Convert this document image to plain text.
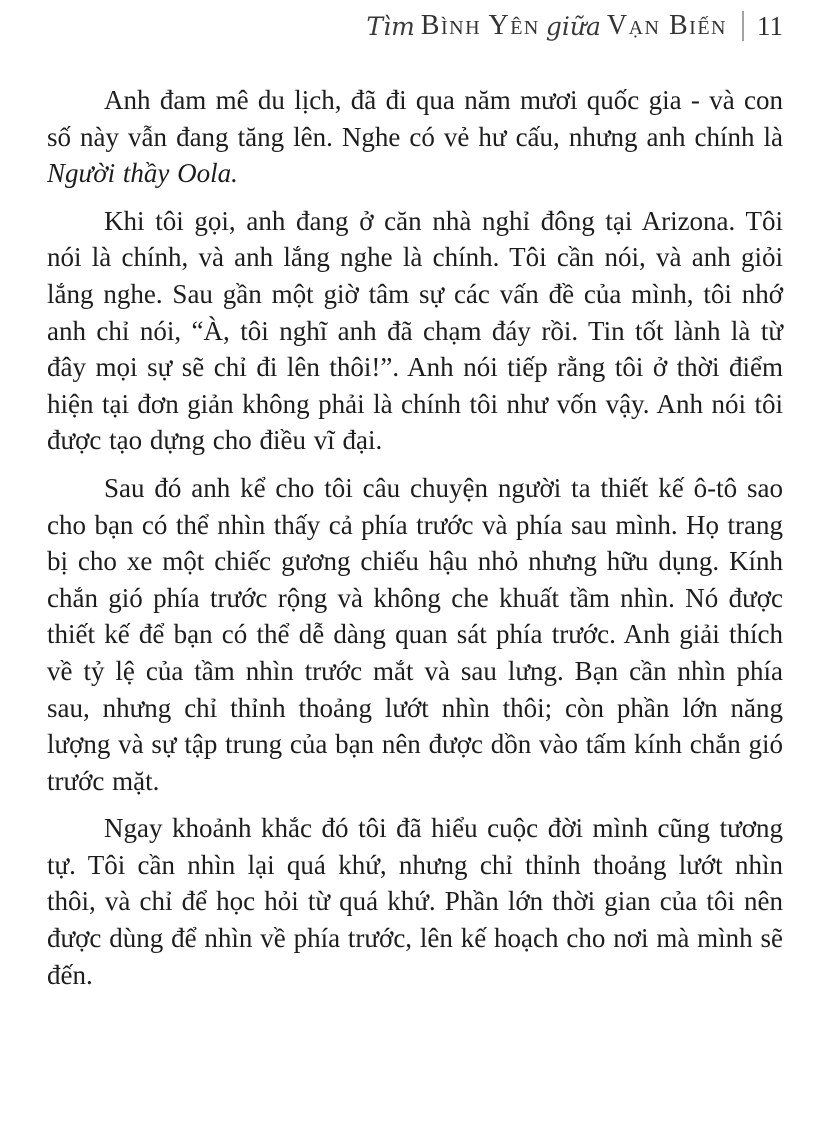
Tìm Bình Yên giữa Vạn Biến 11

Anh đam mê du lịch, đã đi qua năm mươi quốc gia - và con số này vẫn đang tăng lên. Nghe có vẻ hư cấu, nhưng anh chính là Người thầy Oola.

Khi tôi gọi, anh đang ở căn nhà nghỉ đông tại Arizona. Tôi nói là chính, và anh lắng nghe là chính. Tôi cần nói, và anh giỏi lắng nghe. Sau gần một giờ tâm sự các vấn đề của mình, tôi nhớ anh chỉ nói, “À, tôi nghĩ anh đã chạm đáy rồi. Tin tốt lành là từ đây mọi sự sẽ chỉ đi lên thôi!”. Anh nói tiếp rằng tôi ở thời điểm hiện tại đơn giản không phải là chính tôi như vốn vậy. Anh nói tôi được tạo dựng cho điều vĩ đại.

Sau đó anh kể cho tôi câu chuyện người ta thiết kế ô-tô sao cho bạn có thể nhìn thấy cả phía trước và phía sau mình. Họ trang bị cho xe một chiếc gương chiếu hậu nhỏ nhưng hữu dụng. Kính chắn gió phía trước rộng và không che khuất tầm nhìn. Nó được thiết kế để bạn có thể dễ dàng quan sát phía trước. Anh giải thích về tỷ lệ của tầm nhìn trước mắt và sau lưng. Bạn cần nhìn phía sau, nhưng chỉ thỉnh thoảng lướt nhìn thôi; còn phần lớn năng lượng và sự tập trung của bạn nên được dồn vào tấm kính chắn gió trước mặt.

Ngay khoảnh khắc đó tôi đã hiểu cuộc đời mình cũng tương tự. Tôi cần nhìn lại quá khứ, nhưng chỉ thỉnh thoảng lướt nhìn thôi, và chỉ để học hỏi từ quá khứ. Phần lớn thời gian của tôi nên được dùng để nhìn về phía trước, lên kế hoạch cho nơi mà mình sẽ đến.
